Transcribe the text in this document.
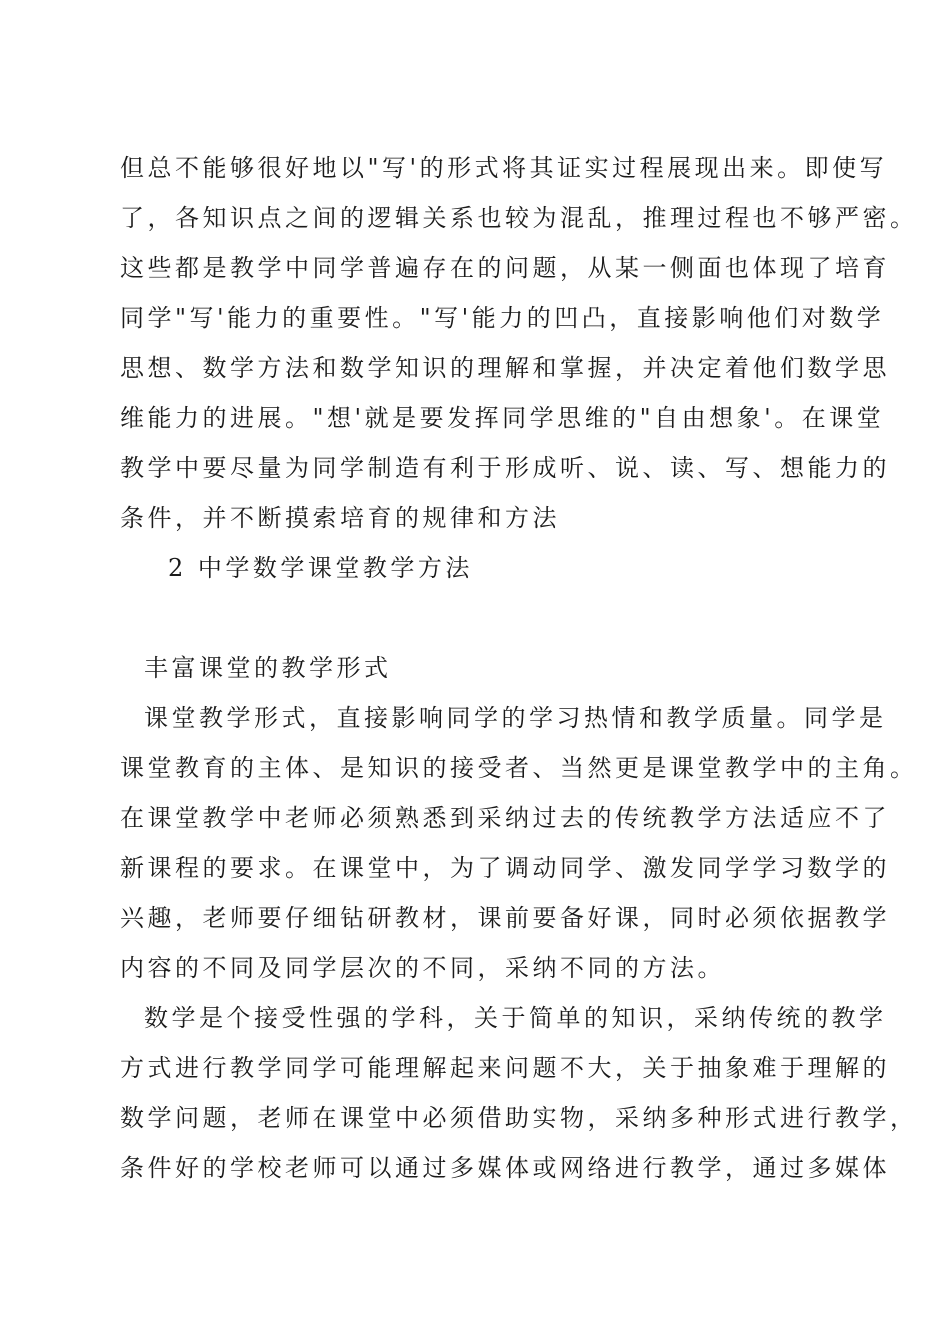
但总不能够很好地以"写'的形式将其证实过程展现出来。即使写
了，各知识点之间的逻辑关系也较为混乱，推理过程也不够严密。
这些都是教学中同学普遍存在的问题，从某一侧面也体现了培育
同学"写'能力的重要性。"写'能力的凹凸，直接影响他们对数学
思想、数学方法和数学知识的理解和掌握，并决定着他们数学思
维能力的进展。"想'就是要发挥同学思维的"自由想象'。在课堂
教学中要尽量为同学制造有利于形成听、说、读、写、想能力的
条件，并不断摸索培育的规律和方法
2 中学数学课堂教学方法
丰富课堂的教学形式
课堂教学形式，直接影响同学的学习热情和教学质量。同学是
课堂教育的主体、是知识的接受者、当然更是课堂教学中的主角。
在课堂教学中老师必须熟悉到采纳过去的传统教学方法适应不了
新课程的要求。在课堂中，为了调动同学、激发同学学习数学的
兴趣，老师要仔细钻研教材，课前要备好课，同时必须依据教学
内容的不同及同学层次的不同，采纳不同的方法。
数学是个接受性强的学科，关于简单的知识，采纳传统的教学
方式进行教学同学可能理解起来问题不大，关于抽象难于理解的
数学问题，老师在课堂中必须借助实物，采纳多种形式进行教学，
条件好的学校老师可以通过多媒体或网络进行教学，通过多媒体
